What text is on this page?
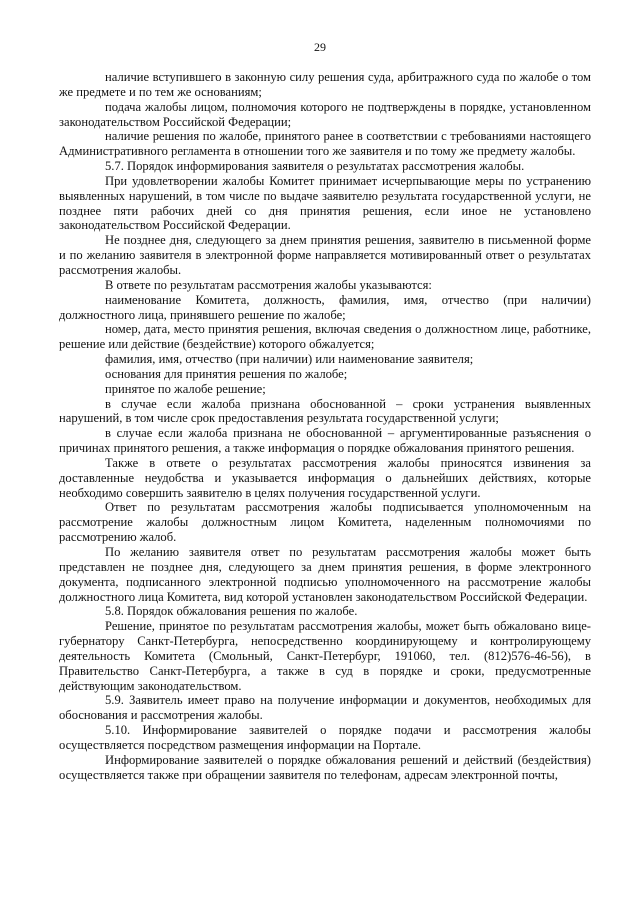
29

наличие вступившего в законную силу решения суда, арбитражного суда по жалобе о том же предмете и по тем же основаниям;

подача жалобы лицом, полномочия которого не подтверждены в порядке, установленном законодательством Российской Федерации;

наличие решения по жалобе, принятого ранее в соответствии с требованиями настоящего Административного регламента в отношении того же заявителя и по тому же предмету жалобы.

5.7. Порядок информирования заявителя о результатах рассмотрения жалобы.

При удовлетворении жалобы Комитет принимает исчерпывающие меры по устранению выявленных нарушений, в том числе по выдаче заявителю результата государственной услуги, не позднее пяти рабочих дней со дня принятия решения, если иное не установлено законодательством Российской Федерации.

Не позднее дня, следующего за днем принятия решения, заявителю в письменной форме и по желанию заявителя в электронной форме направляется мотивированный ответ о результатах рассмотрения жалобы.

В ответе по результатам рассмотрения жалобы указываются:

наименование Комитета, должность, фамилия, имя, отчество (при наличии) должностного лица, принявшего решение по жалобе;

номер, дата, место принятия решения, включая сведения о должностном лице, работнике, решение или действие (бездействие) которого обжалуется;

фамилия, имя, отчество (при наличии) или наименование заявителя;

основания для принятия решения по жалобе;

принятое по жалобе решение;

в случае если жалоба признана обоснованной – сроки устранения выявленных нарушений, в том числе срок предоставления результата государственной услуги;

в случае если жалоба признана не обоснованной – аргументированные разъяснения о причинах принятого решения, а также информация о порядке обжалования принятого решения.

Также в ответе о результатах рассмотрения жалобы приносятся извинения за доставленные неудобства и указывается информация о дальнейших действиях, которые необходимо совершить заявителю в целях получения государственной услуги.

Ответ по результатам рассмотрения жалобы подписывается уполномоченным на рассмотрение жалобы должностным лицом Комитета, наделенным полномочиями по рассмотрению жалоб.

По желанию заявителя ответ по результатам рассмотрения жалобы может быть представлен не позднее дня, следующего за днем принятия решения, в форме электронного документа, подписанного электронной подписью уполномоченного на рассмотрение жалобы должностного лица Комитета, вид которой установлен законодательством Российской Федерации.

5.8. Порядок обжалования решения по жалобе.

Решение, принятое по результатам рассмотрения жалобы, может быть обжаловано вице-губернатору Санкт-Петербурга, непосредственно координирующему и контролирующему деятельность Комитета (Смольный, Санкт-Петербург, 191060, тел. (812)576-46-56), в Правительство Санкт-Петербурга, а также в суд в порядке и сроки, предусмотренные действующим законодательством.

5.9. Заявитель имеет право на получение информации и документов, необходимых для обоснования и рассмотрения жалобы.

5.10. Информирование заявителей о порядке подачи и рассмотрения жалобы осуществляется посредством размещения информации на Портале.

Информирование заявителей о порядке обжалования решений и действий (бездействия) осуществляется также при обращении заявителя по телефонам, адресам электронной почты,
